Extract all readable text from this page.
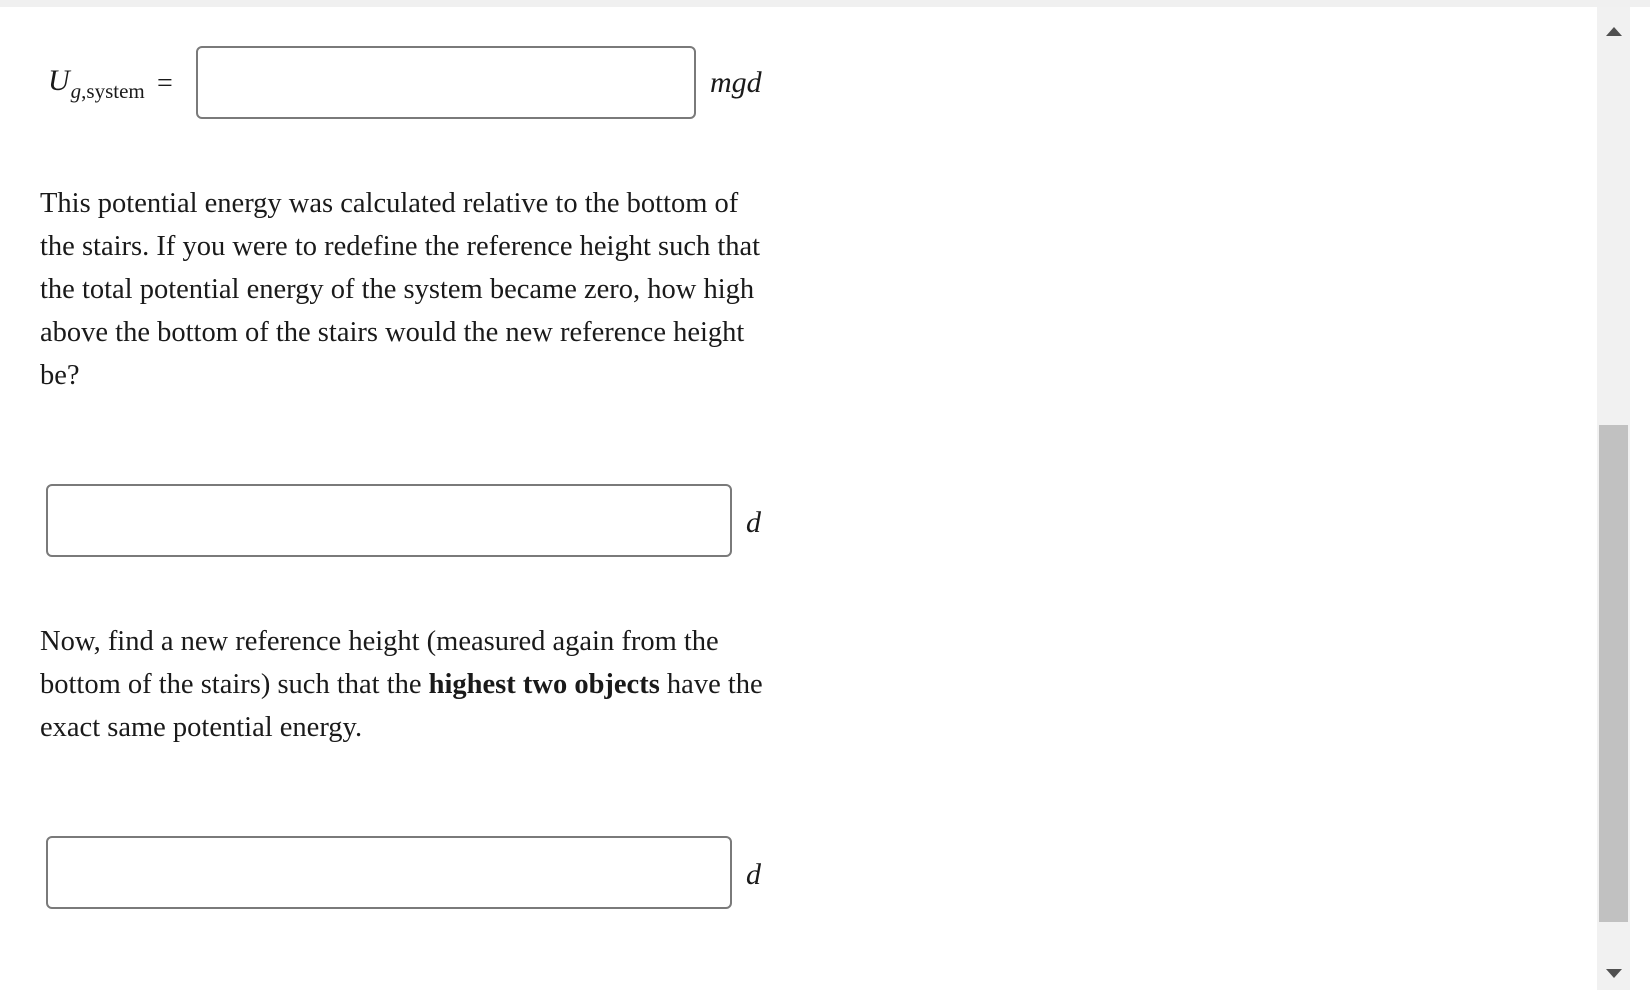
$U_{g,system}$ =	mgd

This potential energy was calculated relative to the bottom of the stairs. If you were to redefine the reference height such that the total potential energy of the system became zero, how high above the bottom of the stairs would the new reference height be?

d

Now, find a new reference height (measured again from the bottom of the stairs) such that the highest two objects have the exact same potential energy.

d
